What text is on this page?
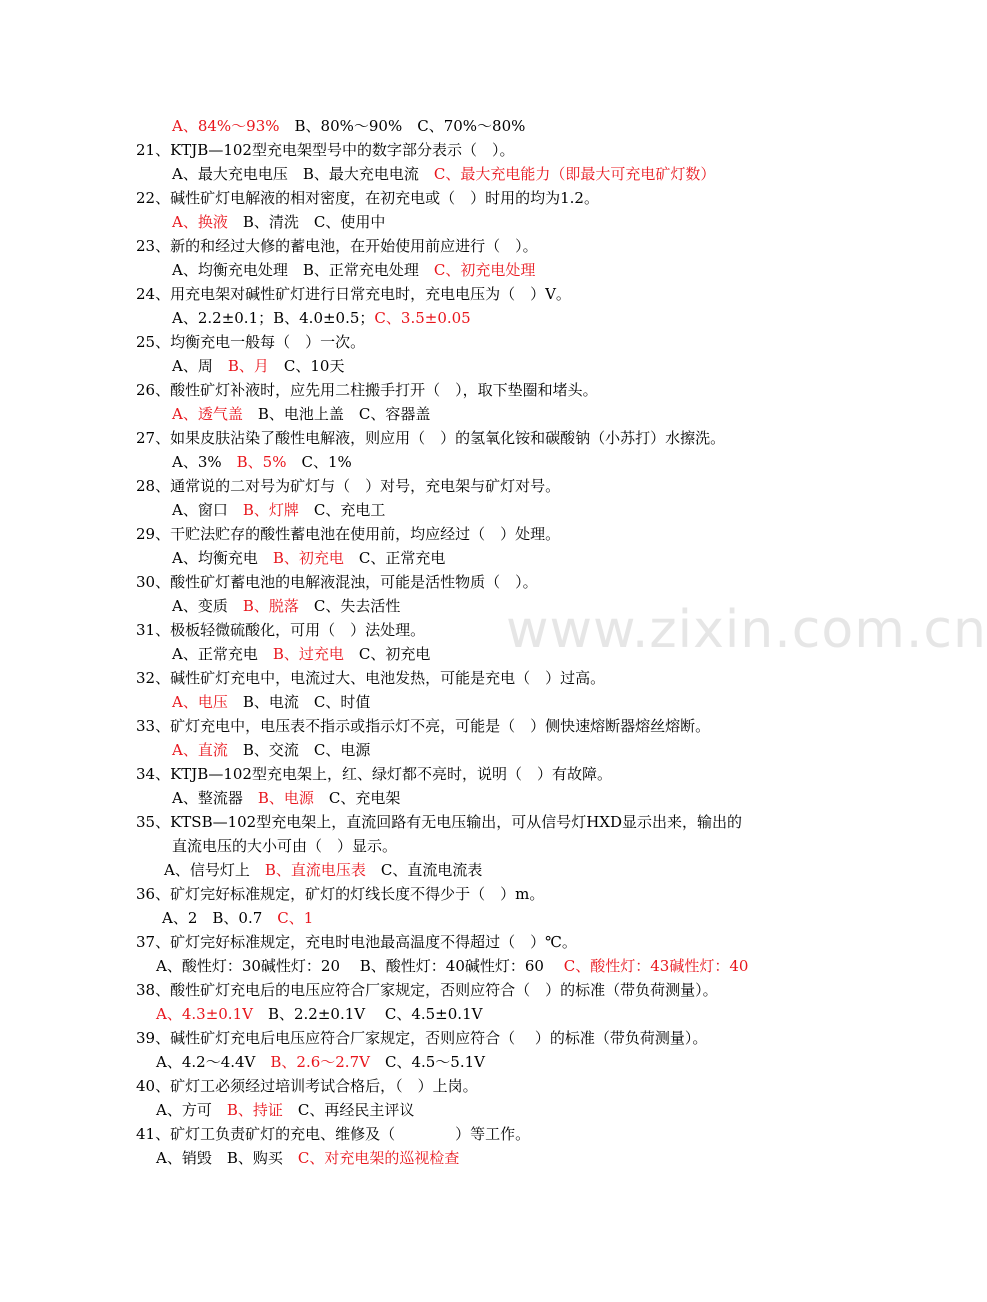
www.zixin.com.cn
A、84%～93%　B、80%～90%　C、70%～80%
21、KTJB—102型充电架型号中的数字部分表示（　）。
A、最大充电电压　B、最大充电电流　C、最大充电能力（即最大可充电矿灯数）
22、碱性矿灯电解液的相对密度，在初充电或（　）时用的均为1.2。
A、换液　B、清洗　C、使用中
23、新的和经过大修的蓄电池，在开始使用前应进行（　）。
A、均衡充电处理　B、正常充电处理　C、初充电处理
24、用充电架对碱性矿灯进行日常充电时，充电电压为（　）V。
A、2.2±0.1；B、4.0±0.5；C、3.5±0.05
25、均衡充电一般每（　）一次。
A、周　B、月　C、10天
26、酸性矿灯补液时，应先用二柱搬手打开（　），取下垫圈和堵头。
A、透气盖　B、电池上盖　C、容器盖
27、如果皮肤沾染了酸性电解液，则应用（　）的氢氧化铵和碳酸钠（小苏打）水擦洗。
A、3%　B、5%　C、1%
28、通常说的二对号为矿灯与（　）对号，充电架与矿灯对号。
A、窗口　B、灯牌　C、充电工
29、干贮法贮存的酸性蓄电池在使用前，均应经过（　）处理。
A、均衡充电　B、初充电　C、正常充电
30、酸性矿灯蓄电池的电解液混浊，可能是活性物质（　）。
A、变质　B、脱落　C、失去活性
31、极板轻微硫酸化，可用（　）法处理。
A、正常充电　B、过充电　C、初充电
32、碱性矿灯充电中，电流过大、电池发热，可能是充电（　）过高。
A、电压　B、电流　C、时值
33、矿灯充电中，电压表不指示或指示灯不亮，可能是（　）侧快速熔断器熔丝熔断。
A、直流　B、交流　C、电源
34、KTJB—102型充电架上，红、绿灯都不亮时，说明（　）有故障。
A、整流器　B、电源　C、充电架
35、KTSB—102型充电架上，直流回路有无电压输出，可从信号灯HXD显示出来，输出的
直流电压的大小可由（　）显示。
A、信号灯上　B、直流电压表　C、直流电流表
36、矿灯完好标准规定，矿灯的灯线长度不得少于（　）m。
A、2　B、0.7　C、1
37、矿灯完好标准规定，充电时电池最高温度不得超过（　）℃。
A、酸性灯：30碱性灯：20　 B、酸性灯：40碱性灯：60　 C、酸性灯：43碱性灯：40
38、酸性矿灯充电后的电压应符合厂家规定，否则应符合（　）的标准（带负荷测量）。
A、4.3±0.1V　B、2.2±0.1V　 C、4.5±0.1V
39、碱性矿灯充电后电压应符合厂家规定，否则应符合（　 ）的标准（带负荷测量）。
A、4.2～4.4V　B、2.6～2.7V　C、4.5～5.1V
40、矿灯工必须经过培训考试合格后，（　）上岗。
A、方可　B、持证　C、再经民主评议
41、矿灯工负责矿灯的充电、维修及（　　　　）等工作。
A、销毁　B、购买　C、对充电架的巡视检查
